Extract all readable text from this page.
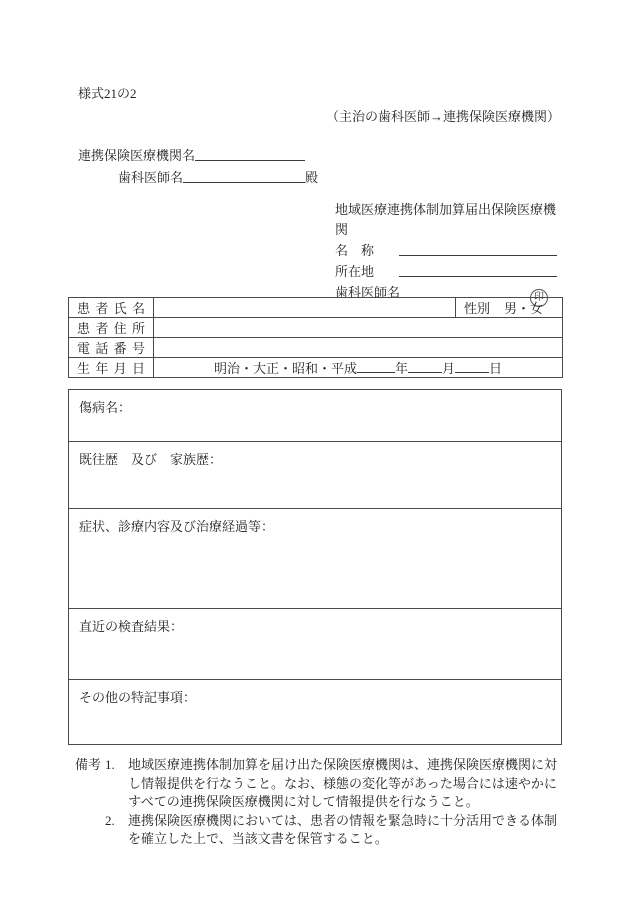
様式21の2
（主治の歯科医師→連携保険医療機関）
連携保険医療機関名
歯科医師名	殿
地域医療連携体制加算届出保険医療機関
名　称
所在地
歯科医師名	印
患者氏名		性別 男・女

患者住所		

電話番号		

生年月日	明治・大正・昭和・平成 年 月 日	
傷病名：
既往歴　及び　家族歴：
症状、診療内容及び治療経過等：
直近の検査結果：
その他の特記事項：
備考 1. 地域医療連携体制加算を届け出た保険医療機関は、連携保険医療機関に対し情報提供を行なうこと。なお、様態の変化等があった場合には速やかにすべての連携保険医療機関に対して情報提供を行なうこと。
2. 連携保険医療機関においては、患者の情報を緊急時に十分活用できる体制を確立した上で、当該文書を保管すること。
